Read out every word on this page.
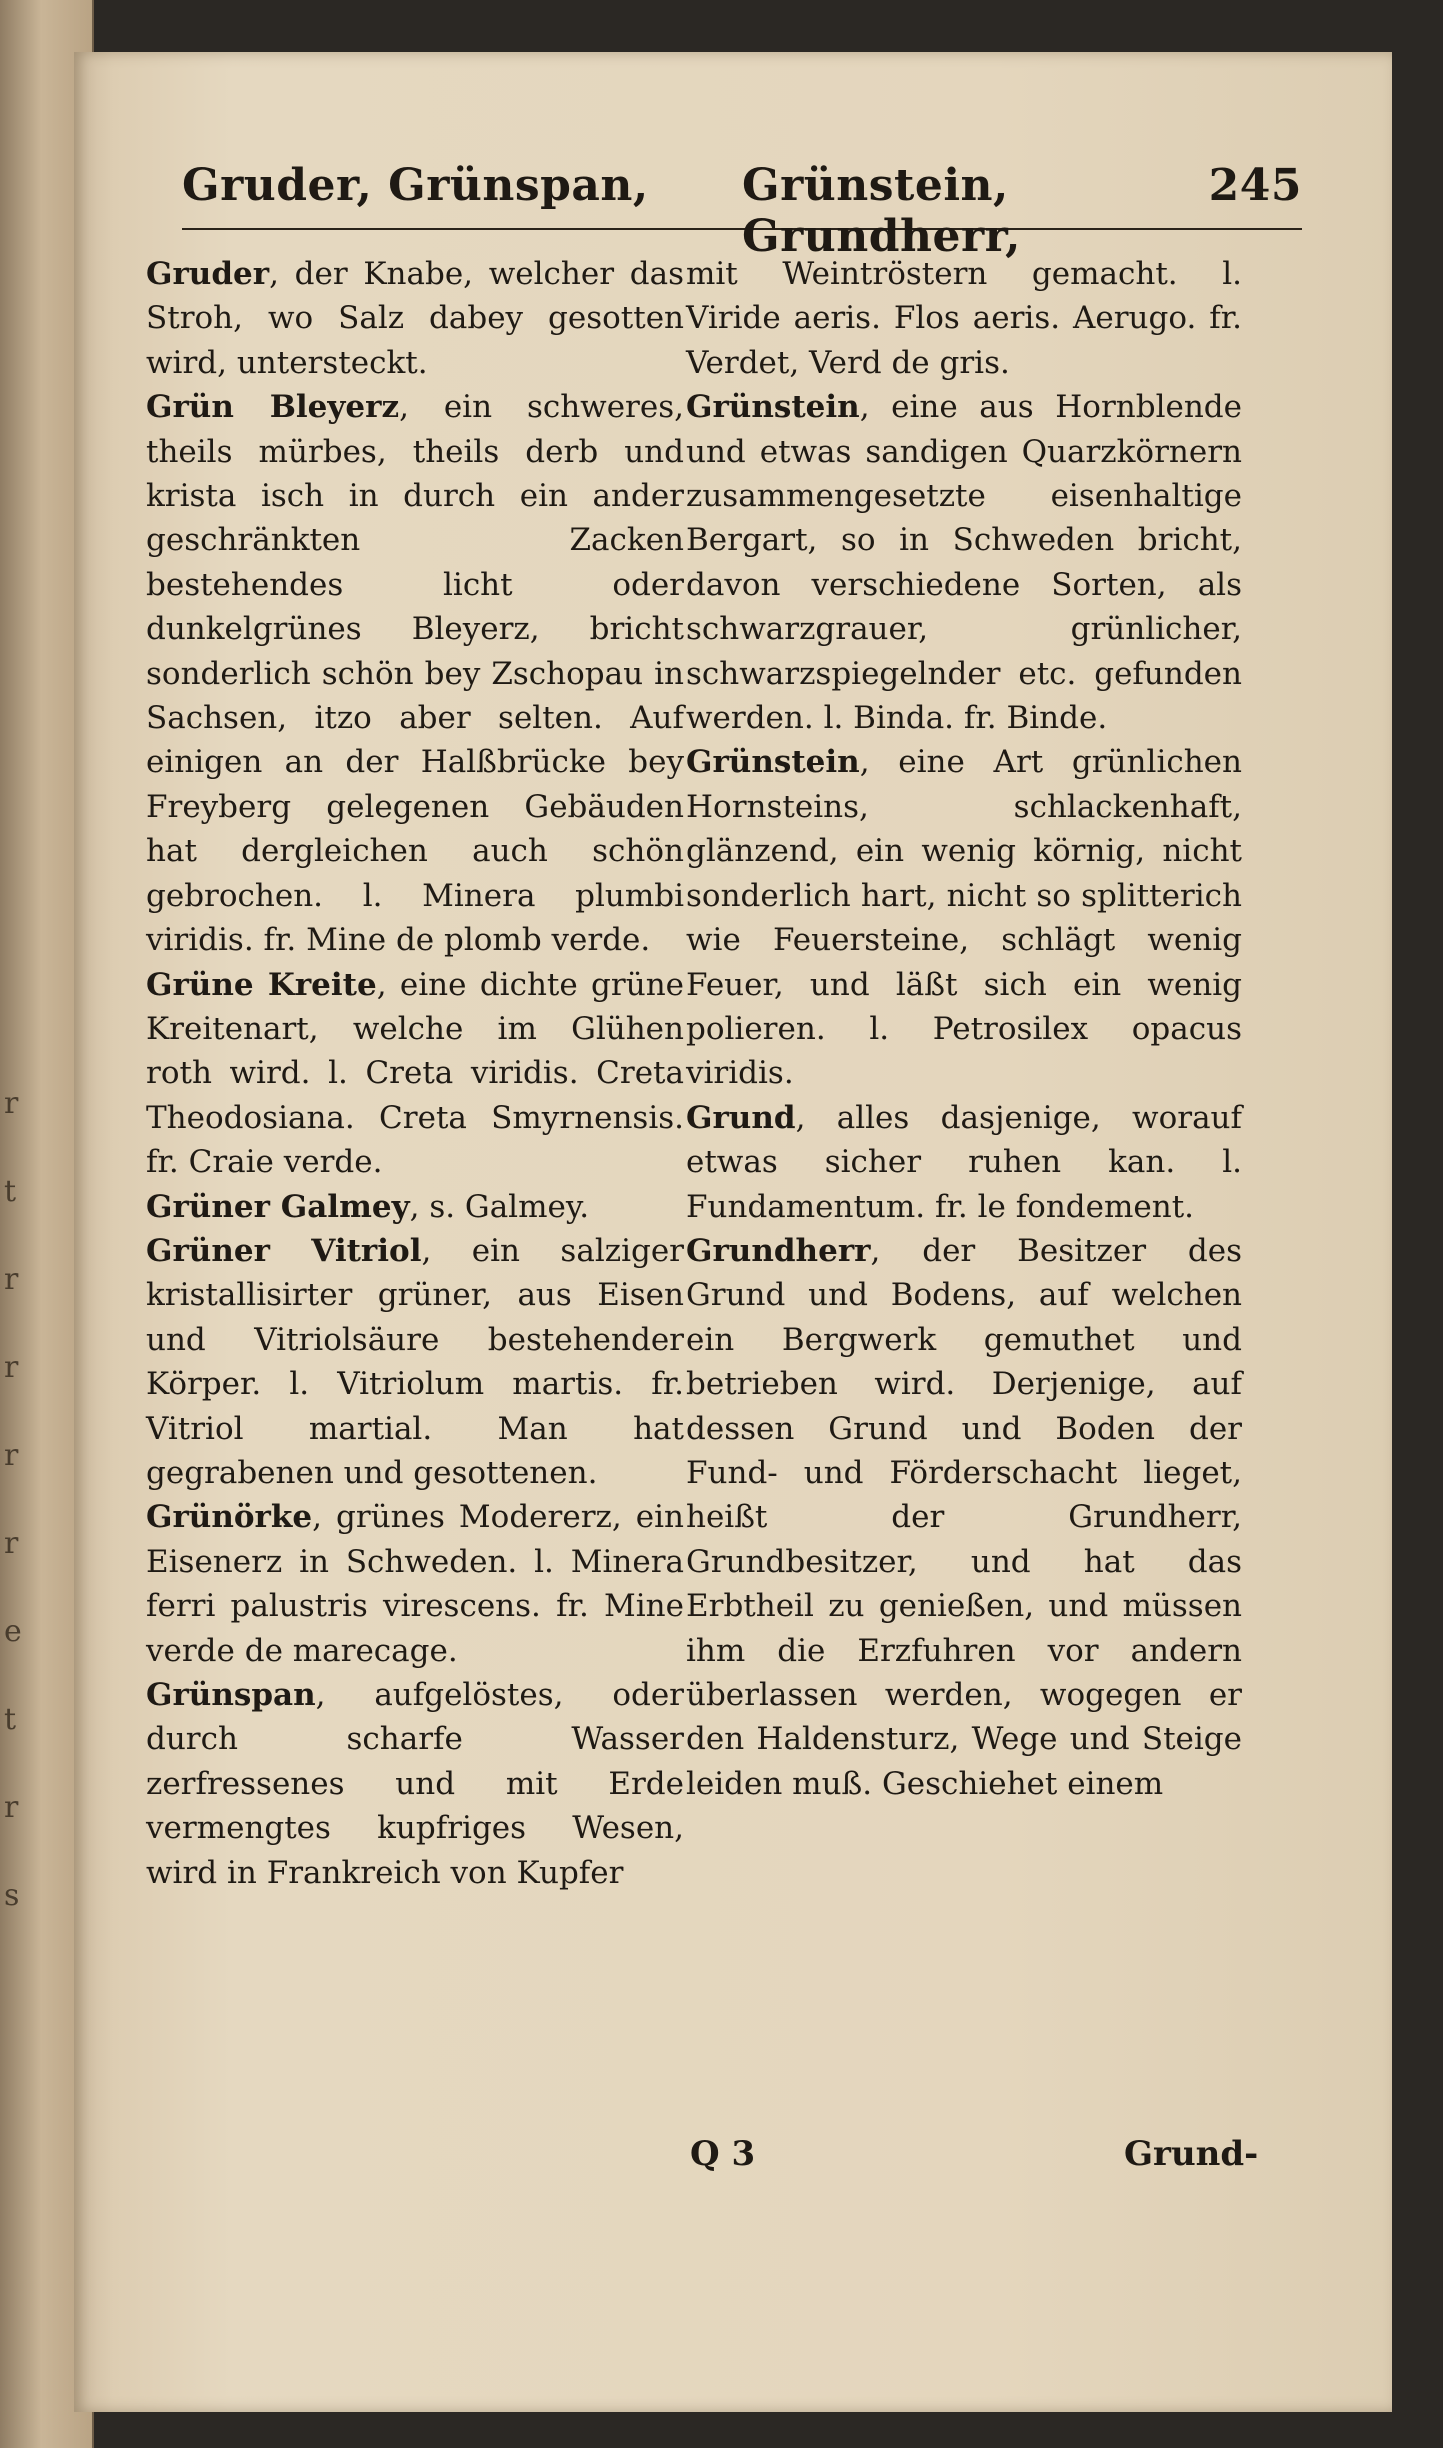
r
t
r
r
r
r
e
t
r
s
Gruder, Grünspan, Grünstein, Grundherr,
245

Gruder, der Knabe, welcher das Stroh, wo Salz dabey gesotten wird, untersteckt.

Grün Bleyerz, ein schweres, theils mürbes, theils derb und krista isch in durch ein ander geschränkten Zacken bestehendes licht oder dunkelgrünes Bleyerz, bricht sonderlich schön bey Zschopau in Sachsen, itzo aber selten. Auf einigen an der Halßbrücke bey Freyberg gelegenen Gebäuden hat dergleichen auch schön gebrochen. l. Minera plumbi viridis. fr. Mine de plomb verde.

Grüne Kreite, eine dichte grüne Kreitenart, welche im Glühen roth wird. l. Creta viridis. Creta Theodosiana. Creta Smyrnensis. fr. Craie verde.

Grüner Galmey, s. Galmey.

Grüner Vitriol, ein salziger kristallisirter grüner, aus Eisen und Vitriolsäure bestehender Körper. l. Vitriolum martis. fr. Vitriol martial. Man hat gegrabenen und gesottenen.

Grünörke, grünes Modererz, ein Eisenerz in Schweden. l. Minera ferri palustris virescens. fr. Mine verde de marecage.

Grünspan, aufgelöstes, oder durch scharfe Wasser zerfressenes und mit Erde vermengtes kupfriges Wesen, wird in Frankreich von Kupfer

mit Weintröstern gemacht. l. Viride aeris. Flos aeris. Aerugo. fr. Verdet, Verd de gris.

Grünstein, eine aus Hornblende und etwas sandigen Quarzkörnern zusammengesetzte eisenhaltige Bergart, so in Schweden bricht, davon verschiedene Sorten, als schwarzgrauer, grünlicher, schwarzspiegelnder etc. gefunden werden. l. Binda. fr. Binde.

Grünstein, eine Art grünlichen Hornsteins, schlackenhaft, glänzend, ein wenig körnig, nicht sonderlich hart, nicht so splitterich wie Feuersteine, schlägt wenig Feuer, und läßt sich ein wenig polieren. l. Petrosilex opacus viridis.

Grund, alles dasjenige, worauf etwas sicher ruhen kan. l. Fundamentum. fr. le fondement.

Grundherr, der Besitzer des Grund und Bodens, auf welchen ein Bergwerk gemuthet und betrieben wird. Derjenige, auf dessen Grund und Boden der Fund- und Förderschacht lieget, heißt der Grundherr, Grundbesitzer, und hat das Erbtheil zu genießen, und müssen ihm die Erzfuhren vor andern überlassen werden, wogegen er den Haldensturz, Wege und Steige leiden muß. Geschiehet einem

Q 3	Grund-
